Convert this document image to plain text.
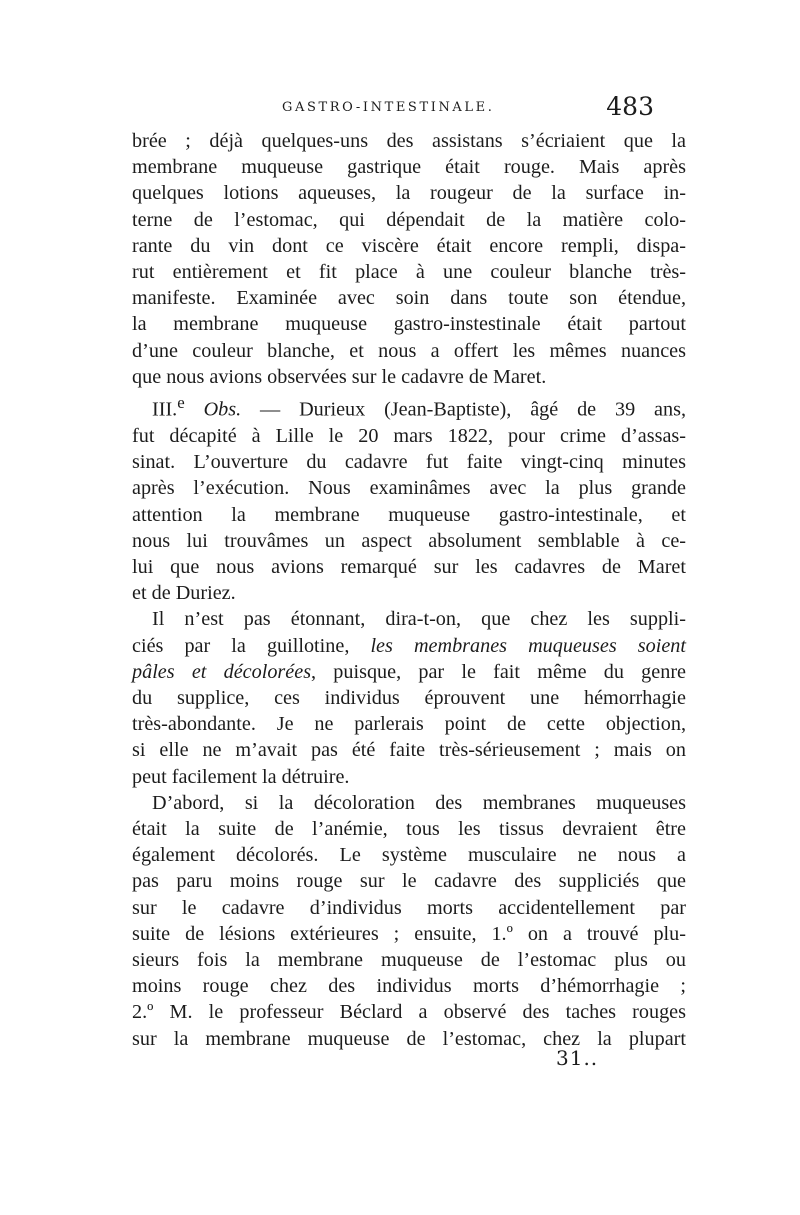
GASTRO-INTESTINALE.	483
brée ; déjà quelques-uns des assistans s’écriaient que la
membrane muqueuse gastrique était rouge. Mais après
quelques lotions aqueuses, la rougeur de la surface in-
terne de l’estomac, qui dépendait de la matière colo-
rante du vin dont ce viscère était encore rempli, dispa-
rut entièrement et fit place à une couleur blanche très-
manifeste. Examinée avec soin dans toute son étendue,
la membrane muqueuse gastro-instestinale était partout
d’une couleur blanche, et nous a offert les mêmes nuances
que nous avions observées sur le cadavre de Maret.
III.$^e$ Obs. — Durieux (Jean-Baptiste), âgé de 39 ans,
fut décapité à Lille le 20 mars 1822, pour crime d’assas-
sinat. L’ouverture du cadavre fut faite vingt-cinq minutes
après l’exécution. Nous examinâmes avec la plus grande
attention la membrane muqueuse gastro-intestinale, et
nous lui trouvâmes un aspect absolument semblable à ce-
lui que nous avions remarqué sur les cadavres de Maret
et de Duriez.
Il n’est pas étonnant, dira-t-on, que chez les suppli-
ciés par la guillotine, les membranes muqueuses soient
pâles et décolorées, puisque, par le fait même du genre
du supplice, ces individus éprouvent une hémorrhagie
très-abondante. Je ne parlerais point de cette objection,
si elle ne m’avait pas été faite très-sérieusement ; mais on
peut facilement la détruire.
D’abord, si la décoloration des membranes muqueuses
était la suite de l’anémie, tous les tissus devraient être
également décolorés. Le système musculaire ne nous a
pas paru moins rouge sur le cadavre des suppliciés que
sur le cadavre d’individus morts accidentellement par
suite de lésions extérieures ; ensuite, 1.º on a trouvé plu-
sieurs fois la membrane muqueuse de l’estomac plus ou
moins rouge chez des individus morts d’hémorrhagie ;
2.º M. le professeur Béclard a observé des taches rouges
sur la membrane muqueuse de l’estomac, chez la plupart
31..
